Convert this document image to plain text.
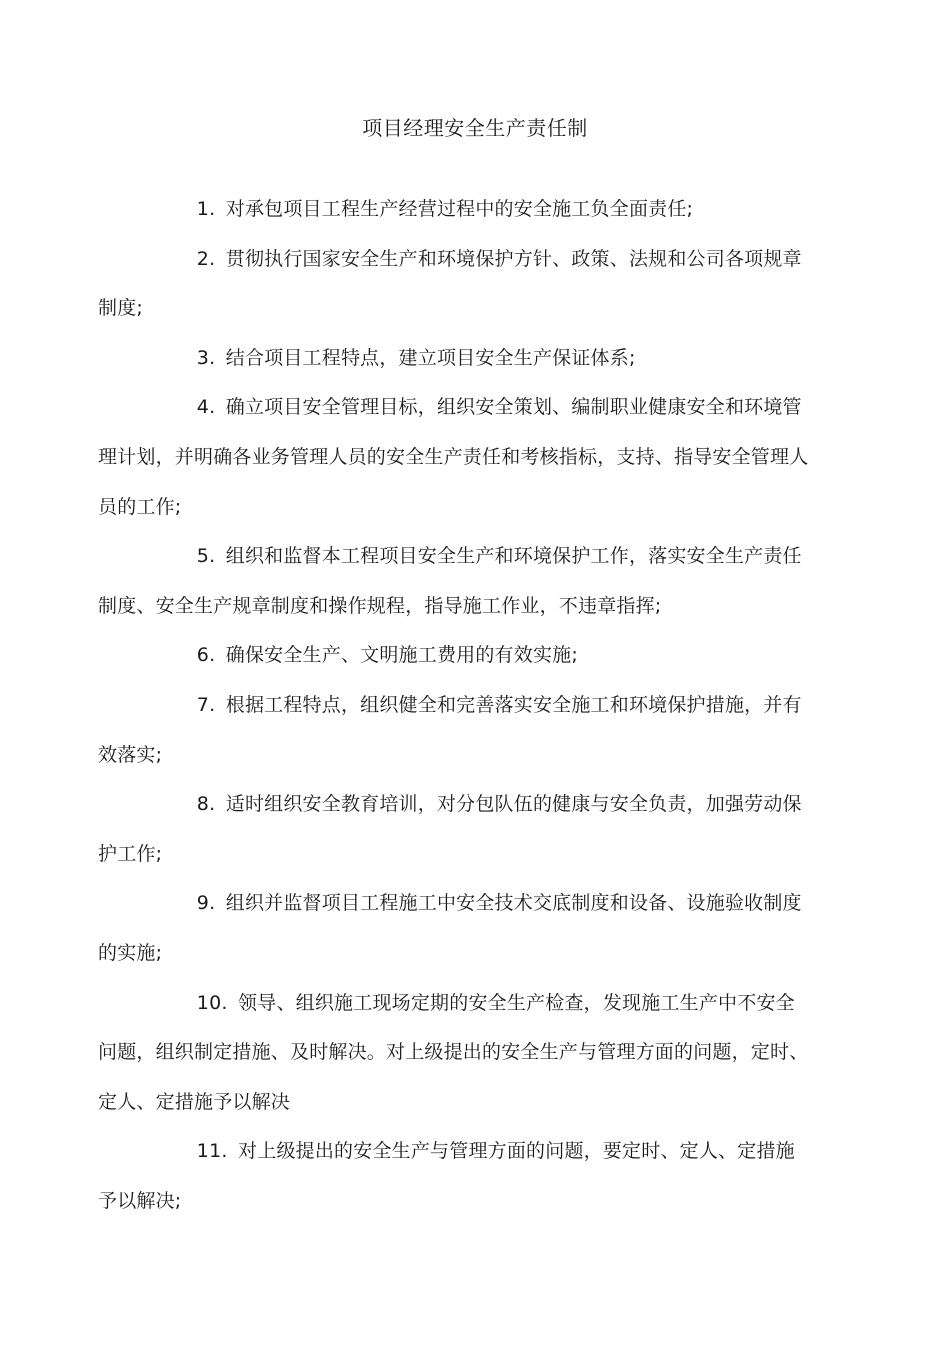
项目经理安全生产责任制

1. 对承包项目工程生产经营过程中的安全施工负全面责任;

2. 贯彻执行国家安全生产和环境保护方针、政策、法规和公司各项规章制度;

3. 结合项目工程特点，建立项目安全生产保证体系;

4. 确立项目安全管理目标，组织安全策划、编制职业健康安全和环境管理计划，并明确各业务管理人员的安全生产责任和考核指标，支持、指导安全管理人员的工作;

5. 组织和监督本工程项目安全生产和环境保护工作，落实安全生产责任制度、安全生产规章制度和操作规程，指导施工作业，不违章指挥;

6. 确保安全生产、文明施工费用的有效实施;

7. 根据工程特点，组织健全和完善落实安全施工和环境保护措施，并有效落实;

8. 适时组织安全教育培训，对分包队伍的健康与安全负责，加强劳动保护工作;

9. 组织并监督项目工程施工中安全技术交底制度和设备、设施验收制度的实施;

10. 领导、组织施工现场定期的安全生产检查，发现施工生产中不安全问题，组织制定措施、及时解决。对上级提出的安全生产与管理方面的问题，定时、定人、定措施予以解决

11. 对上级提出的安全生产与管理方面的问题，要定时、定人、定措施予以解决;
